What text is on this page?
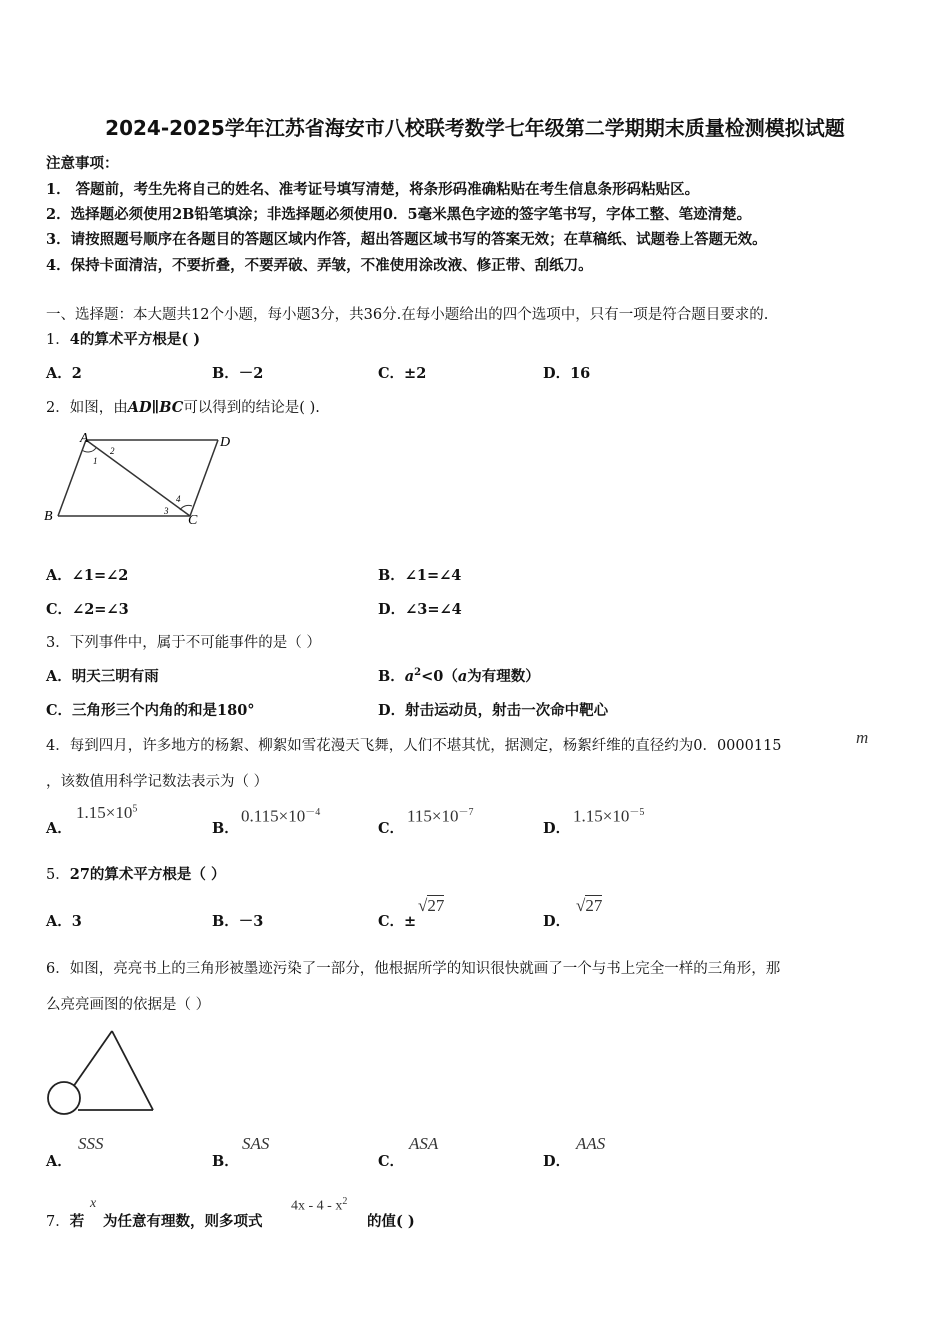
2024-2025学年江苏省海安市八校联考数学七年级第二学期期末质量检测模拟试题
注意事项：
1． 答题前，考生先将自己的姓名、准考证号填写清楚，将条形码准确粘贴在考生信息条形码粘贴区。
2．选择题必须使用2B铅笔填涂；非选择题必须使用0．5毫米黑色字迹的签字笔书写，字体工整、笔迹清楚。
3．请按照题号顺序在各题目的答题区域内作答，超出答题区域书写的答案无效；在草稿纸、试题卷上答题无效。
4．保持卡面清洁，不要折叠，不要弄破、弄皱，不准使用涂改液、修正带、刮纸刀。
一、选择题：本大题共12个小题，每小题3分，共36分.在每小题给出的四个选项中，只有一项是符合题目要求的.
1．4的算术平方根是( )
A．2	B．－2	C．±2	D．16
2．如图，由AD∥BC可以得到的结论是( ).
A	D
B	C
1
2
3
4
A．∠1=∠2	B．∠1=∠4
C．∠2=∠3	D．∠3=∠4
3．下列事件中，属于不可能事件的是（ ）
A．明天三明有雨	B．$a^2<0(a$为有理数）
C．三角形三个内角的和是180°	D．射击运动员，射击一次命中靶心
4．每到四月，许多地方的杨絮、柳絮如雪花漫天飞舞，人们不堪其忧，据测定，杨絮纤维的直径约为0．0000115	m
，该数值用科学记数法表示为（ ）
A．
$1.15\times 10^5$
B．
$0.115\times 10^{-4}$
C．
$115\times 10^{-7}$
D．
$1.15\times 10^{-5}$
5．27的算术平方根是（ ）
A．3	B．－3	C．±
√27
D．
√27
6．如图，亮亮书上的三角形被墨迹污染了一部分，他根据所学的知识很快就画了一个与书上完全一样的三角形，那
么亮亮画图的依据是（ ）
A．
SSS
B．
SAS
C．
ASA
D．
AAS
7．若
x
为任意有理数，则多项式
$4x - 4 - x^2$
的值( )
